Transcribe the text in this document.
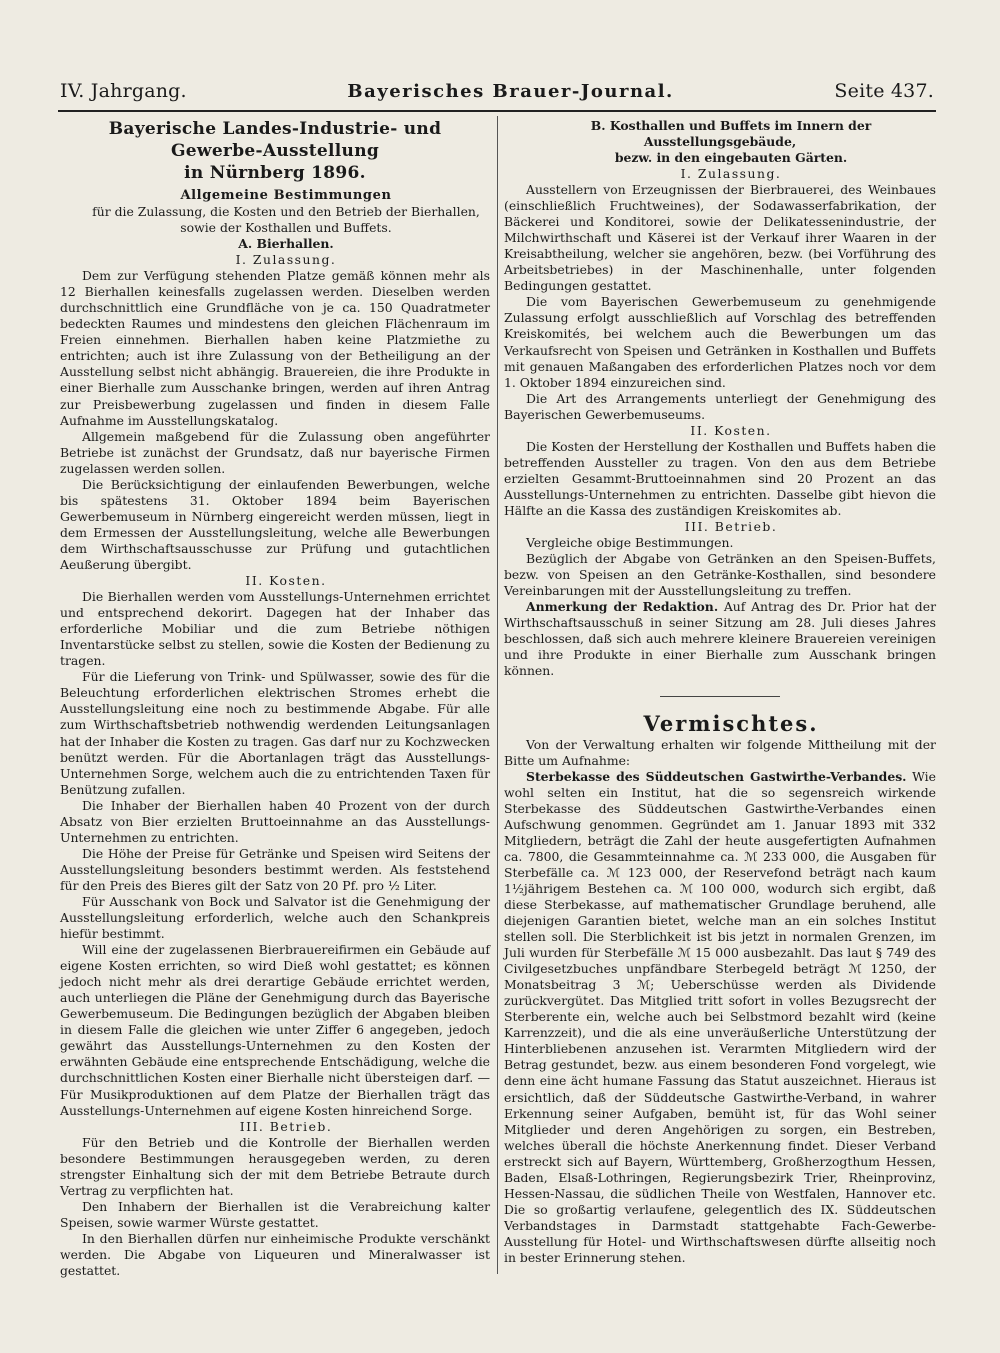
IV. Jahrgang.	Bayerisches Brauer-Journal.	Seite 437.
Bayerische Landes-Industrie- und Gewerbe-Ausstellung
in Nürnberg 1896.

Allgemeine Bestimmungen

für die Zulassung, die Kosten und den Betrieb der Bierhallen,

sowie der Kosthallen und Buffets.

A. Bierhallen.

I. Zulassung.

Dem zur Verfügung stehenden Platze gemäß können mehr als 12 Bierhallen keinesfalls zugelassen werden. Dieselben werden durchschnittlich eine Grundfläche von je ca. 150 Quadratmeter bedeckten Raumes und mindestens den gleichen Flächenraum im Freien einnehmen. Bierhallen haben keine Platzmiethe zu entrichten; auch ist ihre Zulassung von der Betheiligung an der Ausstellung selbst nicht abhängig. Brauereien, die ihre Produkte in einer Bierhalle zum Ausschanke bringen, werden auf ihren Antrag zur Preisbewerbung zugelassen und finden in diesem Falle Aufnahme im Ausstellungskatalog.

Allgemein maßgebend für die Zulassung oben angeführter Betriebe ist zunächst der Grundsatz, daß nur bayerische Firmen zugelassen werden sollen.

Die Berücksichtigung der einlaufenden Bewerbungen, welche bis spätestens 31. Oktober 1894 beim Bayerischen Gewerbemuseum in Nürnberg eingereicht werden müssen, liegt in dem Ermessen der Ausstellungsleitung, welche alle Bewerbungen dem Wirthschaftsausschusse zur Prüfung und gutachtlichen Aeußerung übergibt.

II. Kosten.

Die Bierhallen werden vom Ausstellungs-Unternehmen errichtet und entsprechend dekorirt. Dagegen hat der Inhaber das erforderliche Mobiliar und die zum Betriebe nöthigen Inventarstücke selbst zu stellen, sowie die Kosten der Bedienung zu tragen.

Für die Lieferung von Trink- und Spülwasser, sowie des für die Beleuchtung erforderlichen elektrischen Stromes erhebt die Ausstellungsleitung eine noch zu bestimmende Abgabe. Für alle zum Wirthschaftsbetrieb nothwendig werdenden Leitungsanlagen hat der Inhaber die Kosten zu tragen. Gas darf nur zu Kochzwecken benützt werden. Für die Abortanlagen trägt das Ausstellungs-Unternehmen Sorge, welchem auch die zu entrichtenden Taxen für Benützung zufallen.

Die Inhaber der Bierhallen haben 40 Prozent von der durch Absatz von Bier erzielten Bruttoeinnahme an das Ausstellungs-Unternehmen zu entrichten.

Die Höhe der Preise für Getränke und Speisen wird Seitens der Ausstellungsleitung besonders bestimmt werden. Als feststehend für den Preis des Bieres gilt der Satz von 20 Pf. pro ½ Liter.

Für Ausschank von Bock und Salvator ist die Genehmigung der Ausstellungsleitung erforderlich, welche auch den Schankpreis hiefür bestimmt.

Will eine der zugelassenen Bierbrauereifirmen ein Gebäude auf eigene Kosten errichten, so wird Dieß wohl gestattet; es können jedoch nicht mehr als drei derartige Gebäude errichtet werden, auch unterliegen die Pläne der Genehmigung durch das Bayerische Gewerbemuseum. Die Bedingungen bezüglich der Abgaben bleiben in diesem Falle die gleichen wie unter Ziffer 6 angegeben, jedoch gewährt das Ausstellungs-Unternehmen zu den Kosten der erwähnten Gebäude eine entsprechende Entschädigung, welche die durchschnittlichen Kosten einer Bierhalle nicht übersteigen darf. — Für Musikproduktionen auf dem Platze der Bierhallen trägt das Ausstellungs-Unternehmen auf eigene Kosten hinreichend Sorge.

III. Betrieb.

Für den Betrieb und die Kontrolle der Bierhallen werden besondere Bestimmungen herausgegeben werden, zu deren strengster Einhaltung sich der mit dem Betriebe Betraute durch Vertrag zu verpflichten hat.

Den Inhabern der Bierhallen ist die Verabreichung kalter Speisen, sowie warmer Würste gestattet.

In den Bierhallen dürfen nur einheimische Produkte verschänkt werden. Die Abgabe von Liqueuren und Mineralwasser ist gestattet.

B. Kosthallen und Buffets im Innern der Ausstellungsgebäude,

bezw. in den eingebauten Gärten.

I. Zulassung.

Ausstellern von Erzeugnissen der Bierbrauerei, des Weinbaues (einschließlich Fruchtweines), der Sodawasserfabrikation, der Bäckerei und Konditorei, sowie der Delikatessenindustrie, der Milchwirthschaft und Käserei ist der Verkauf ihrer Waaren in der Kreisabtheilung, welcher sie angehören, bezw. (bei Vorführung des Arbeitsbetriebes) in der Maschinenhalle, unter folgenden Bedingungen gestattet.

Die vom Bayerischen Gewerbemuseum zu genehmigende Zulassung erfolgt ausschließlich auf Vorschlag des betreffenden Kreiskomités, bei welchem auch die Bewerbungen um das Verkaufsrecht von Speisen und Getränken in Kosthallen und Buffets mit genauen Maßangaben des erforderlichen Platzes noch vor dem 1. Oktober 1894 einzureichen sind.

Die Art des Arrangements unterliegt der Genehmigung des Bayerischen Gewerbemuseums.

II. Kosten.

Die Kosten der Herstellung der Kosthallen und Buffets haben die betreffenden Aussteller zu tragen. Von den aus dem Betriebe erzielten Gesammt-Bruttoeinnahmen sind 20 Prozent an das Ausstellungs-Unternehmen zu entrichten. Dasselbe gibt hievon die Hälfte an die Kassa des zuständigen Kreiskomites ab.

III. Betrieb.

Vergleiche obige Bestimmungen.

Bezüglich der Abgabe von Getränken an den Speisen-Buffets, bezw. von Speisen an den Getränke-Kosthallen, sind besondere Vereinbarungen mit der Ausstellungsleitung zu treffen.

Anmerkung der Redaktion. Auf Antrag des Dr. Prior hat der Wirthschaftsausschuß in seiner Sitzung am 28. Juli dieses Jahres beschlossen, daß sich auch mehrere kleinere Brauereien vereinigen und ihre Produkte in einer Bierhalle zum Ausschank bringen können.

Vermischtes.

Von der Verwaltung erhalten wir folgende Mittheilung mit der Bitte um Aufnahme:

Sterbekasse des Süddeutschen Gastwirthe-Verbandes. Wie wohl selten ein Institut, hat die so segensreich wirkende Sterbekasse des Süddeutschen Gastwirthe-Verbandes einen Aufschwung genommen. Gegründet am 1. Januar 1893 mit 332 Mitgliedern, beträgt die Zahl der heute ausgefertigten Aufnahmen ca. 7800, die Gesammteinnahme ca. ℳ 233 000, die Ausgaben für Sterbefälle ca. ℳ 123 000, der Reservefond beträgt nach kaum 1½jährigem Bestehen ca. ℳ 100 000, wodurch sich ergibt, daß diese Sterbekasse, auf mathematischer Grundlage beruhend, alle diejenigen Garantien bietet, welche man an ein solches Institut stellen soll. Die Sterblichkeit ist bis jetzt in normalen Grenzen, im Juli wurden für Sterbefälle ℳ 15 000 ausbezahlt. Das laut § 749 des Civilgesetzbuches unpfändbare Sterbegeld beträgt ℳ 1250, der Monatsbeitrag 3 ℳ; Ueberschüsse werden als Dividende zurückvergütet. Das Mitglied tritt sofort in volles Bezugsrecht der Sterberente ein, welche auch bei Selbstmord bezahlt wird (keine Karrenzzeit), und die als eine unveräußerliche Unterstützung der Hinterbliebenen anzusehen ist. Verarmten Mitgliedern wird der Betrag gestundet, bezw. aus einem besonderen Fond vorgelegt, wie denn eine ächt humane Fassung das Statut auszeichnet. Hieraus ist ersichtlich, daß der Süddeutsche Gastwirthe-Verband, in wahrer Erkennung seiner Aufgaben, bemüht ist, für das Wohl seiner Mitglieder und deren Angehörigen zu sorgen, ein Bestreben, welches überall die höchste Anerkennung findet. Dieser Verband erstreckt sich auf Bayern, Württemberg, Großherzogthum Hessen, Baden, Elsaß-Lothringen, Regierungsbezirk Trier, Rheinprovinz, Hessen-Nassau, die südlichen Theile von Westfalen, Hannover etc. Die so großartig verlaufene, gelegentlich des IX. Süddeutschen Verbandstages in Darmstadt stattgehabte Fach-Gewerbe-Ausstellung für Hotel- und Wirthschaftswesen dürfte allseitig noch in bester Erinnerung stehen.
